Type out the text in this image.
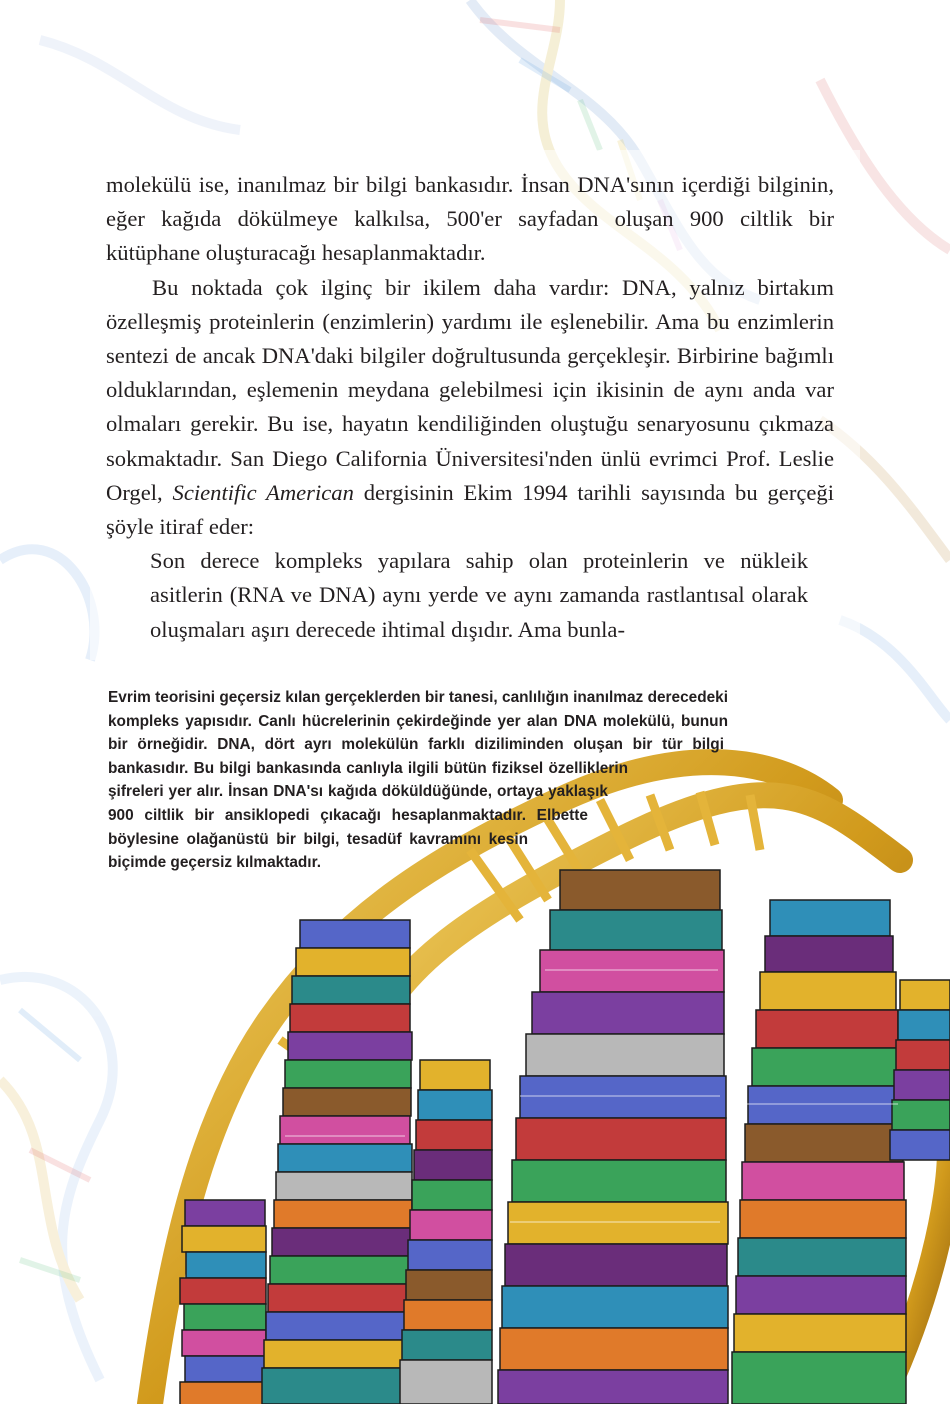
molekülü ise, inanılmaz bir bilgi bankasıdır. İnsan DNA'sının içerdiği bilginin, eğer kağıda dökülmeye kalkılsa, 500'er sayfadan oluşan 900 ciltlik bir kütüphane oluşturacağı hesaplanmaktadır.

Bu noktada çok ilginç bir ikilem daha vardır: DNA, yalnız birtakım özelleşmiş proteinlerin (enzimlerin) yardımı ile eşlenebilir. Ama bu enzimlerin sentezi de ancak DNA'daki bilgiler doğrultusunda gerçekleşir. Birbirine bağımlı olduklarından, eşlemenin meydana gelebilmesi için ikisinin de aynı anda var olmaları gerekir. Bu ise, hayatın kendiliğinden oluştuğu senaryosunu çıkmaza sokmaktadır. San Diego California Üniversitesi'nden ünlü evrimci Prof. Leslie Orgel, Scientific American dergisinin Ekim 1994 tarihli sayısında bu gerçeği şöyle itiraf eder:

Son derece kompleks yapılara sahip olan proteinlerin ve nükleik asitlerin (RNA ve DNA) aynı yerde ve aynı zamanda rastlantısal olarak oluşmaları aşırı derecede ihtimal dışıdır. Ama bunla-

Evrim teorisini geçersiz kılan gerçeklerden bir tanesi, canlılığın inanılmaz derecedeki kompleks yapısıdır. Canlı hücrelerinin çekirdeğinde yer alan DNA molekülü, bunun bir örneğidir. DNA, dört ayrı molekülün farklı diziliminden oluşan bir tür bilgi bankasıdır. Bu bilgi bankasında canlıyla ilgili bütün fiziksel özelliklerin şifreleri yer alır. İnsan DNA'sı kağıda döküldüğünde, ortaya yaklaşık 900 ciltlik bir ansiklopedi çıkacağı hesaplanmaktadır. Elbette böylesine olağanüstü bir bilgi, tesadüf kavramını kesin biçimde geçersiz kılmaktadır.
